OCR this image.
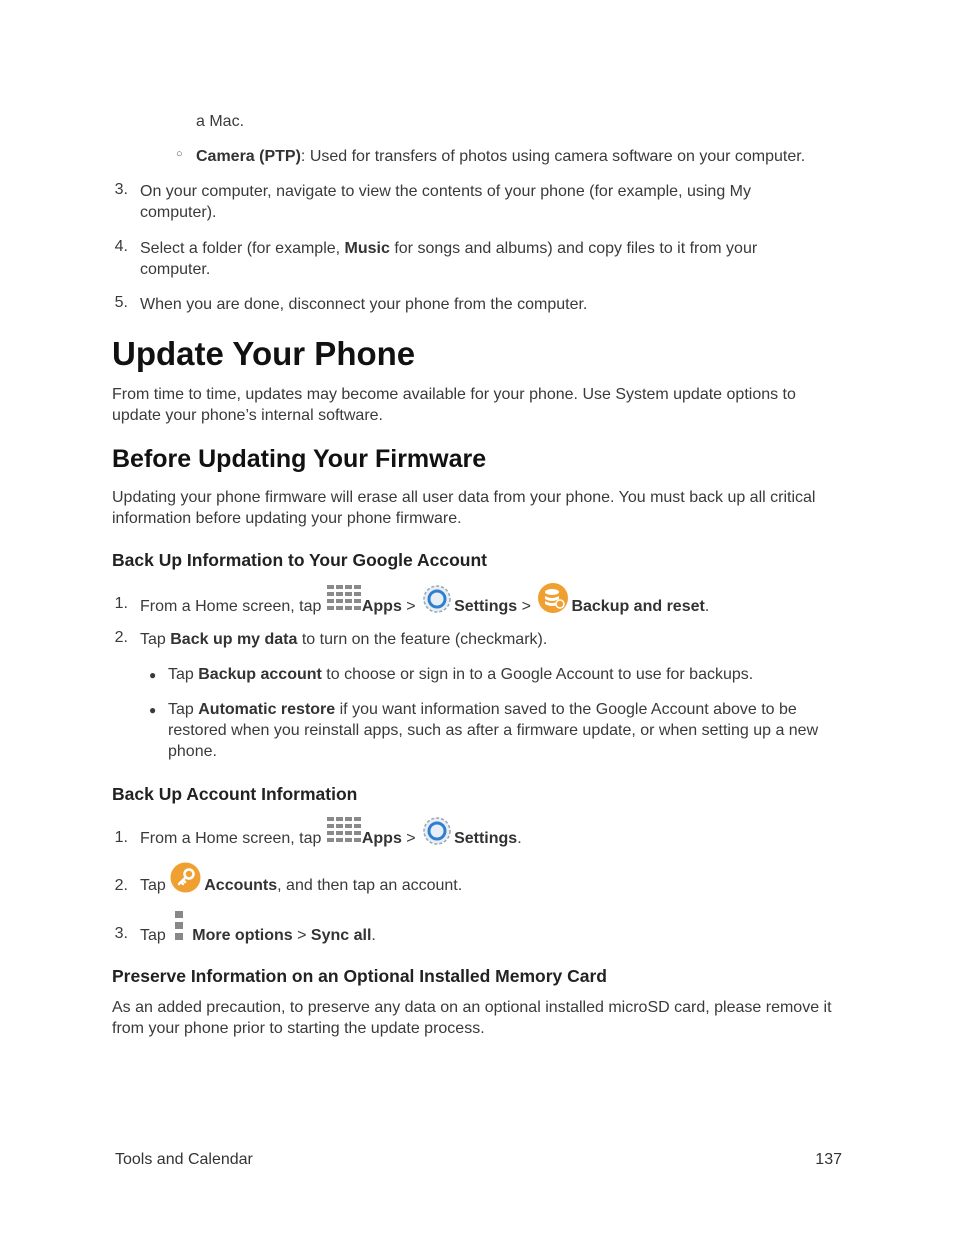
a Mac.
○ Camera (PTP): Used for transfers of photos using camera software on your computer.
3. On your computer, navigate to view the contents of your phone (for example, using My computer).
4. Select a folder (for example, Music for songs and albums) and copy files to it from your computer.
5. When you are done, disconnect your phone from the computer.
Update Your Phone
From time to time, updates may become available for your phone. Use System update options to update your phone’s internal software.
Before Updating Your Firmware
Updating your phone firmware will erase all user data from your phone. You must back up all critical information before updating your phone firmware.
Back Up Information to Your Google Account
1. From a Home screen, tap Apps > Settings > Backup and reset.
2. Tap Back up my data to turn on the feature (checkmark).
● Tap Backup account to choose or sign in to a Google Account to use for backups.
● Tap Automatic restore if you want information saved to the Google Account above to be restored when you reinstall apps, such as after a firmware update, or when setting up a new phone.
Back Up Account Information
1. From a Home screen, tap Apps > Settings.
2. Tap Accounts, and then tap an account.
3. Tap More options > Sync all.
Preserve Information on an Optional Installed Memory Card
As an added precaution, to preserve any data on an optional installed microSD card, please remove it from your phone prior to starting the update process.
Tools and Calendar	137
